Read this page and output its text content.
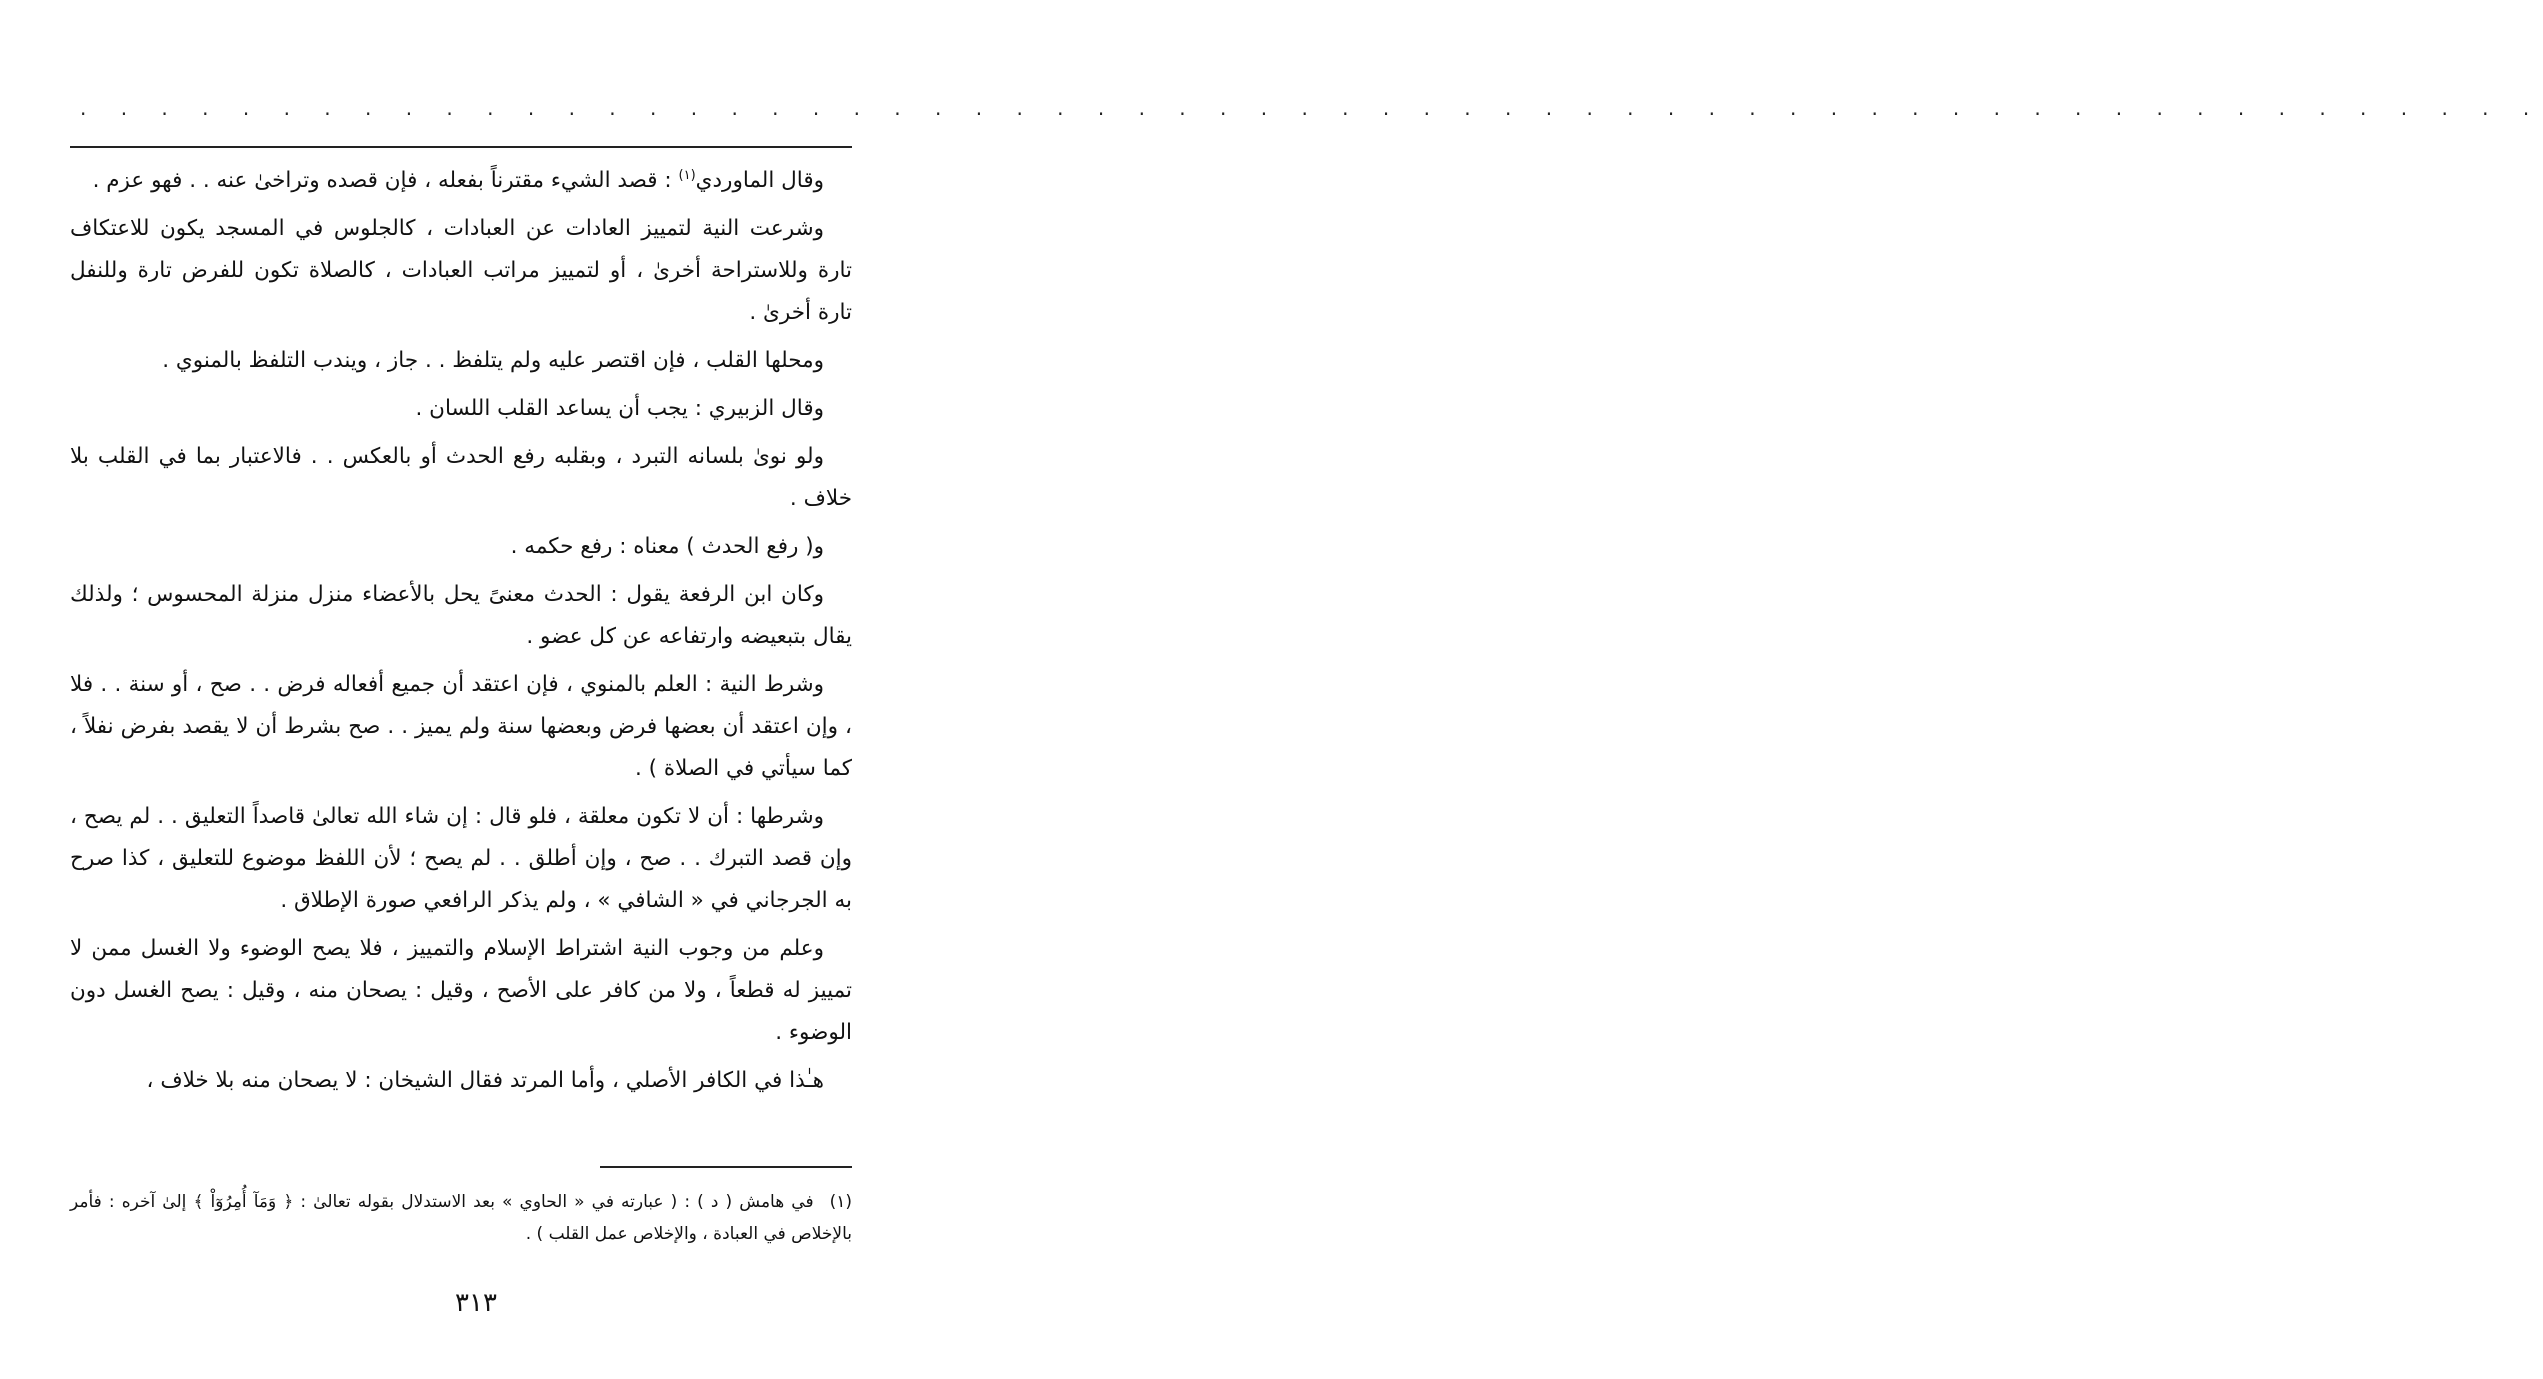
. . . . . . . . . . . . . . . . . . . . . . . . . . . . . . . . . . . . . . . . . . . . . . . . . . . . . . . . . . . . .

وقال الماوردي$^{(١)}$ : قصد الشيء مقترناً بفعله ، فإن قصده وتراخىٰ عنه . . فهو عزم .

وشرعت النية لتمييز العادات عن العبادات ، كالجلوس في المسجد يكون للاعتكاف تارة وللاستراحة أخرىٰ ، أو لتمييز مراتب العبادات ، كالصلاة تكون للفرض تارة وللنفل تارة أخرىٰ .

ومحلها القلب ، فإن اقتصر عليه ولم يتلفظ . . جاز ، ويندب التلفظ بالمنوي .

وقال الزبيري : يجب أن يساعد القلب اللسان .

ولو نوىٰ بلسانه التبرد ، وبقلبه رفع الحدث أو بالعكس . . فالاعتبار بما في القلب بلا خلاف .

و( رفع الحدث ) معناه : رفع حكمه .

وكان ابن الرفعة يقول : الحدث معنىً يحل بالأعضاء منزل منزلة المحسوس ؛ ولذلك يقال بتبعيضه وارتفاعه عن كل عضو .

وشرط النية : العلم بالمنوي ، فإن اعتقد أن جميع أفعاله فرض . . صح ، أو سنة . . فلا ، وإن اعتقد أن بعضها فرض وبعضها سنة ولم يميز . . صح بشرط أن لا يقصد بفرض نفلاً ، كما سيأتي في الصلاة ) .

وشرطها : أن لا تكون معلقة ، فلو قال : إن شاء الله تعالىٰ قاصداً التعليق . . لم يصح ، وإن قصد التبرك . . صح ، وإن أطلق . . لم يصح ؛ لأن اللفظ موضوع للتعليق ، كذا صرح به الجرجاني في « الشافي » ، ولم يذكر الرافعي صورة الإطلاق .

وعلم من وجوب النية اشتراط الإسلام والتمييز ، فلا يصح الوضوء ولا الغسل ممن لا تمييز له قطعاً ، ولا من كافر على الأصح ، وقيل : يصحان منه ، وقيل : يصح الغسل دون الوضوء .

هـٰذا في الكافر الأصلي ، وأما المرتد فقال الشيخان : لا يصحان منه بلا خلاف ،

(١)في هامش ( د ) : ( عبارته في « الحاوي » بعد الاستدلال بقوله تعالىٰ : ﴿ وَمَآ أُمِرُوٓاْ ﴾ إلىٰ آخره : فأمر بالإخلاص في العبادة ، والإخلاص عمل القلب ) .
٣١٣
